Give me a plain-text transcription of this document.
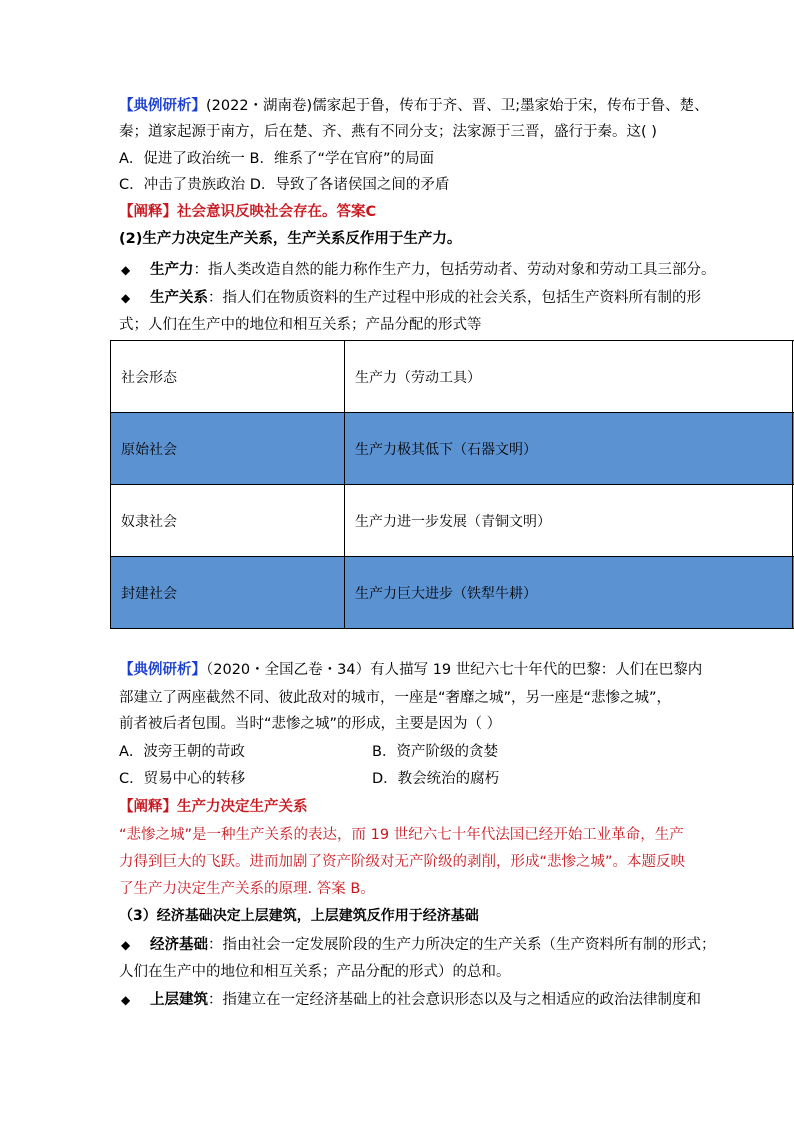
【典例研析】(2022・湖南卷)儒家起于鲁，传布于齐、晋、卫;墨家始于宋，传布于鲁、楚、
秦；道家起源于南方，后在楚、齐、燕有不同分支；法家源于三晋，盛行于秦。这( )
A．促进了政治统一 B．维系了“学在官府”的局面
C．冲击了贵族政治 D．导致了各诸侯国之间的矛盾
【阐释】社会意识反映社会存在。答案C
(2)生产力决定生产关系，生产关系反作用于生产力。
◆ 生产力：指人类改造自然的能力称作生产力，包括劳动者、劳动对象和劳动工具三部分。
◆ 生产关系：指人们在物质资料的生产过程中形成的社会关系，包括生产资料所有制的形
式；人们在生产中的地位和相互关系；产品分配的形式等
社会形态	生产力（劳动工具）	
原始社会	生产力极其低下（石器文明）	
奴隶社会	生产力进一步发展（青铜文明）	
封建社会	生产力巨大进步（铁犁牛耕）	
【典例研析】（2020・全国乙卷・34）有人描写 19 世纪六七十年代的巴黎：人们在巴黎内
部建立了两座截然不同、彼此敌对的城市，一座是“奢靡之城”，另一座是“悲惨之城”，
前者被后者包围。当时“悲惨之城”的形成，主要是因为（ ）
A．波旁王朝的苛政	B．资产阶级的贪婪
C．贸易中心的转移	D．教会统治的腐朽
【阐释】生产力决定生产关系
“悲惨之城”是一种生产关系的表达，而 19 世纪六七十年代法国已经开始工业革命，生产
力得到巨大的飞跃。进而加剧了资产阶级对无产阶级的剥削，形成“悲惨之城”。本题反映
了生产力决定生产关系的原理. 答案 B。
（3）经济基础决定上层建筑，上层建筑反作用于经济基础
◆ 经济基础：指由社会一定发展阶段的生产力所决定的生产关系（生产资料所有制的形式；
人们在生产中的地位和相互关系；产品分配的形式）的总和。
◆ 上层建筑：指建立在一定经济基础上的社会意识形态以及与之相适应的政治法律制度和
